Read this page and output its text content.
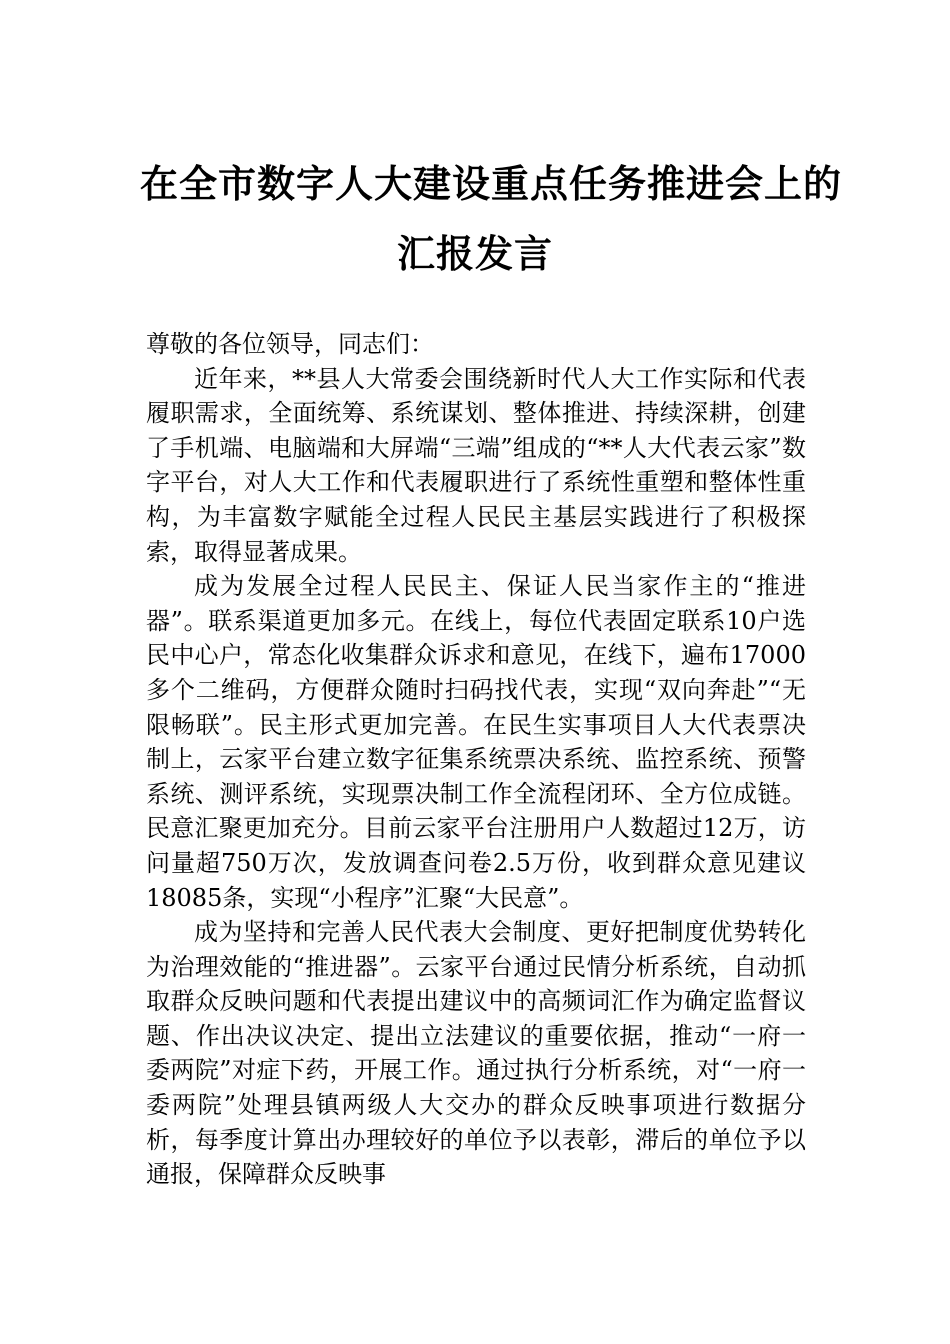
在全市数字人大建设重点任务推进会上的
汇报发言

尊敬的各位领导，同志们：

近年来，**县人大常委会围绕新时代人大工作实际和代表履职需求，全面统筹、系统谋划、整体推进、持续深耕，创建了手机端、电脑端和大屏端“三端”组成的“**人大代表云家”数字平台，对人大工作和代表履职进行了系统性重塑和整体性重构，为丰富数字赋能全过程人民民主基层实践进行了积极探索，取得显著成果。

成为发展全过程人民民主、保证人民当家作主的“推进器”。联系渠道更加多元。在线上，每位代表固定联系10户选民中心户，常态化收集群众诉求和意见，在线下，遍布17000多个二维码，方便群众随时扫码找代表，实现“双向奔赴”“无限畅联”。民主形式更加完善。在民生实事项目人大代表票决制上，云家平台建立数字征集系统票决系统、监控系统、预警系统、测评系统，实现票决制工作全流程闭环、全方位成链。民意汇聚更加充分。目前云家平台注册用户人数超过12万，访问量超750万次，发放调查问卷2.5万份，收到群众意见建议18085条，实现“小程序”汇聚“大民意”。

成为坚持和完善人民代表大会制度、更好把制度优势转化为治理效能的“推进器”。云家平台通过民情分析系统，自动抓取群众反映问题和代表提出建议中的高频词汇作为确定监督议题、作出决议决定、提出立法建议的重要依据，推动“一府一委两院”对症下药，开展工作。通过执行分析系统，对“一府一委两院”处理县镇两级人大交办的群众反映事项进行数据分析，每季度计算出办理较好的单位予以表彰，滞后的单位予以通报，保障群众反映事
